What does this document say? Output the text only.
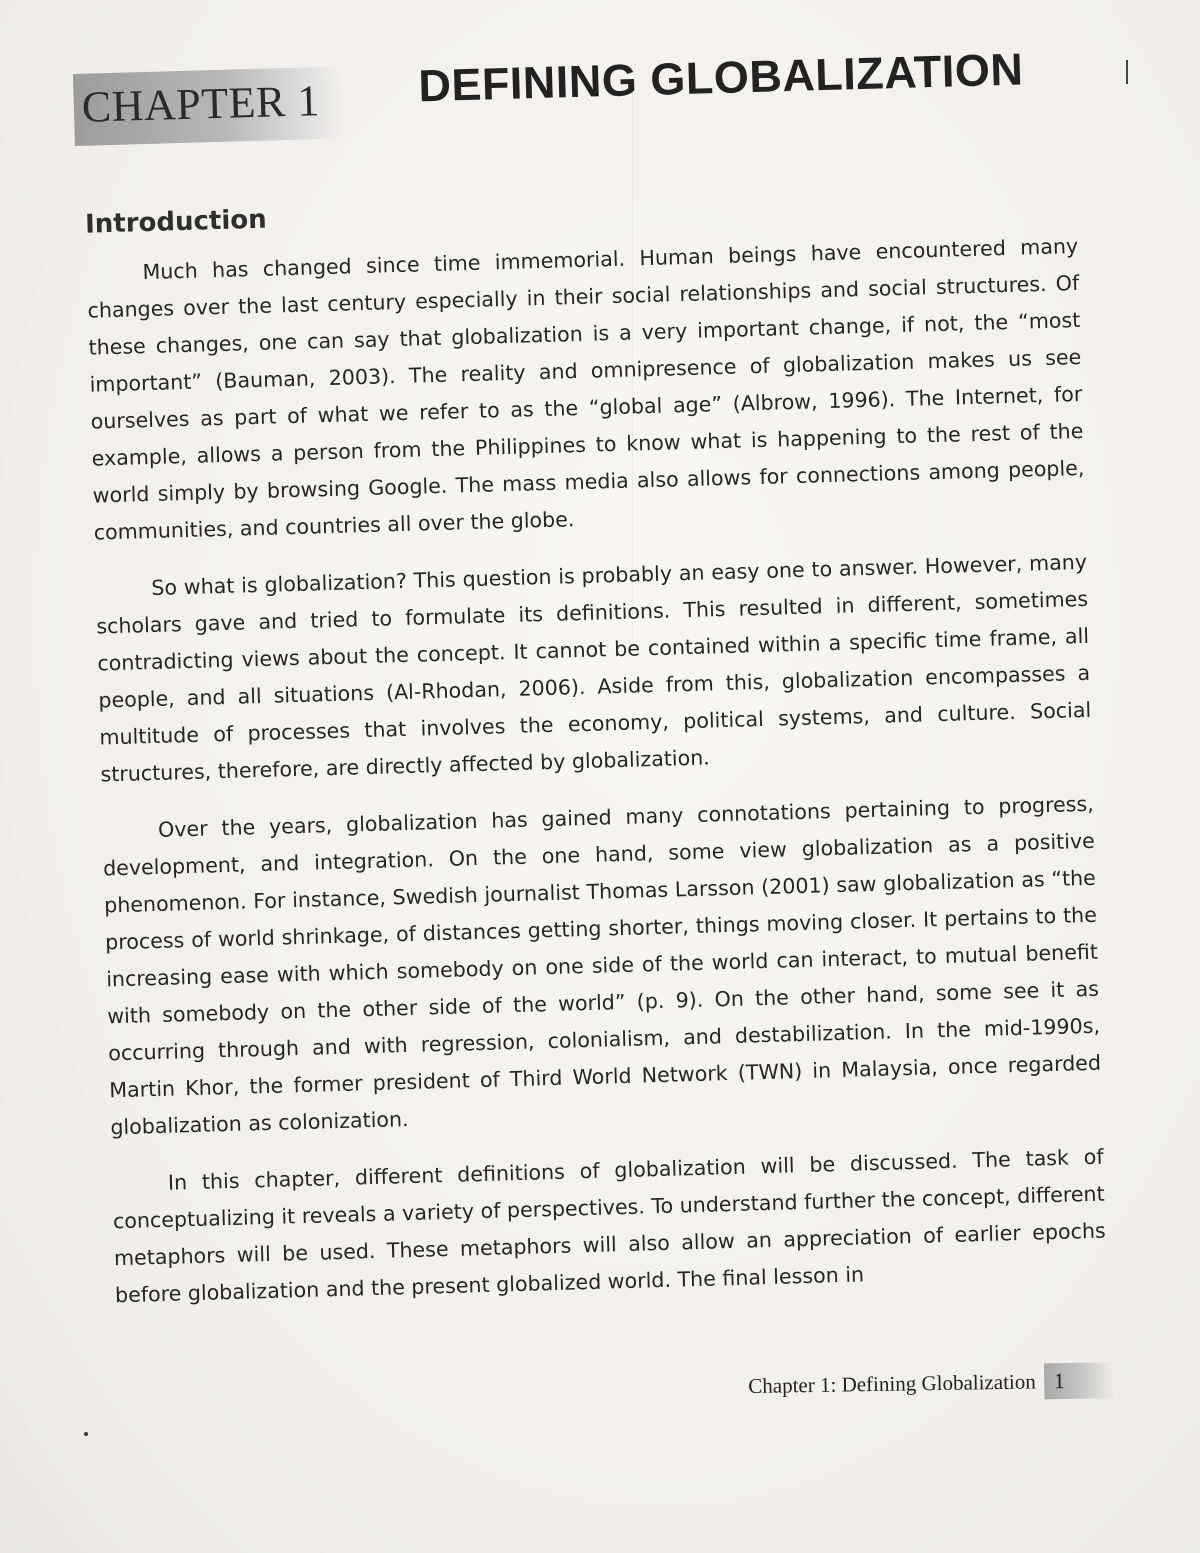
CHAPTER 1 DEFINING GLOBALIZATION
Introduction

Much has changed since time immemorial. Human beings have encountered many changes over the last century especially in their social relationships and social structures. Of these changes, one can say that globalization is a very important change, if not, the “most important” (Bauman, 2003). The reality and omnipresence of globalization makes us see ourselves as part of what we refer to as the “global age” (Albrow, 1996). The Internet, for example, allows a person from the Philippines to know what is happening to the rest of the world simply by browsing Google. The mass media also allows for connections among people, communities, and countries all over the globe.

So what is globalization? This question is probably an easy one to answer. However, many scholars gave and tried to formulate its definitions. This resulted in different, sometimes contradicting views about the concept. It cannot be contained within a specific time frame, all people, and all situations (Al-Rhodan, 2006). Aside from this, globalization encompasses a multitude of processes that involves the economy, political systems, and culture. Social structures, therefore, are directly affected by globalization.

Over the years, globalization has gained many connotations pertaining to progress, development, and integration. On the one hand, some view globalization as a positive phenomenon. For instance, Swedish journalist Thomas Larsson (2001) saw globalization as “the process of world shrinkage, of distances getting shorter, things moving closer. It pertains to the increasing ease with which somebody on one side of the world can interact, to mutual benefit with somebody on the other side of the world” (p. 9). On the other hand, some see it as occurring through and with regression, colonialism, and destabilization. In the mid-1990s, Martin Khor, the former president of Third World Network (TWN) in Malaysia, once regarded globalization as colonization.

In this chapter, different definitions of globalization will be discussed. The task of conceptualizing it reveals a variety of perspectives. To understand further the concept, different metaphors will be used. These metaphors will also allow an appreciation of earlier epochs before globalization and the present globalized world. The final lesson in

Chapter 1: Defining Globalization 1
